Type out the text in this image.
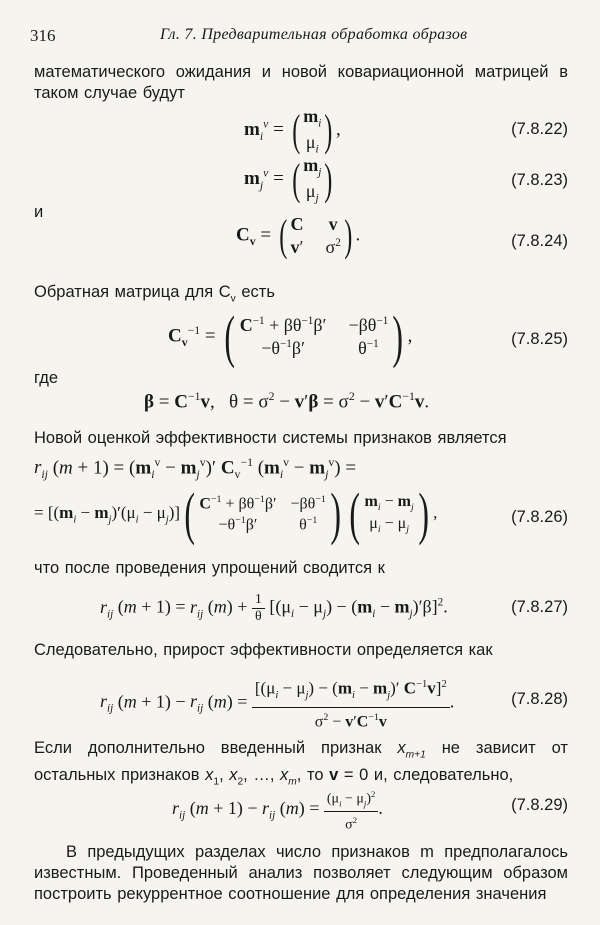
316	Гл. 7. Предварительная обработка образов
математического ожидания и новой ковариационной матрицей в таком случае будут
$m_i^v$ = ( $m_i$
$\mu_i$ ) ,	(7.8.22)
$m_j^v$ = ( $m_j$
$\mu_j$ )	(7.8.23)
и
$C_v$ = ( C v
v′ $\sigma^2$ ) .	(7.8.24)
Обратная матрица для $C_v$ есть
$C_v^{-1}$ = ( $C^{-1} + \beta\theta^{-1}\beta' -\beta\theta^{-1}$
$-\theta^{-1}\beta'$	$\theta^{-1}$ ) ,	(7.8.25)
где
$\beta = C^{-1}v$,   $\theta = \sigma^2 - v'\beta = \sigma^2 - v'C^{-1}v$.
Новой оценкой эффективности системы признаков является
$r_{ij}$ $(m + 1) = (m_i^v - m_j^v)'$ $C_v^{-1}$ $(m_i^v - m_j^v)$ =
= $[(m_i - m_j)'(\mu_i - \mu_j)]$ ( $C^{-1} + \beta\theta^{-1}\beta' -\beta\theta^{-1}$
$-\theta^{-1}\beta'$	$\theta^{-1}$ ) ( $m_i - m_j$
$\mu_i - \mu_j$ ) ,	(7.8.26)
что после проведения упрощений сводится к
$r_{ij}$ $(m + 1) = r_{ij}$ $(m) + \frac{1}{\theta} [(\mu_i - \mu_j) - (m_i - m_j)'\beta]^2$.	(7.8.27)
Следовательно, прирост эффективности определяется как
$r_{ij}$ $(m + 1) - r_{ij}$ $(m) = \frac{[(\mu_i - \mu_j) - (m_i - m_j)' C^{-1}v]^2}{\sigma^2 - v'C^{-1}v}$ .	(7.8.28)
Если дополнительно введенный признак $x_{m+1}$ не зависит от остальных признаков $x_1$, $x_2$, …, $x_m$, то v = 0 и, следовательно,
$r_{ij}$ $(m + 1) - r_{ij}$ $(m) = \frac{(\mu_i - \mu_j)^2}{\sigma^2}$ .	(7.8.29)
В предыдущих разделах число признаков m предполагалось известным. Проведенный анализ позволяет следующим образом построить рекуррентное соотношение для определения значения
